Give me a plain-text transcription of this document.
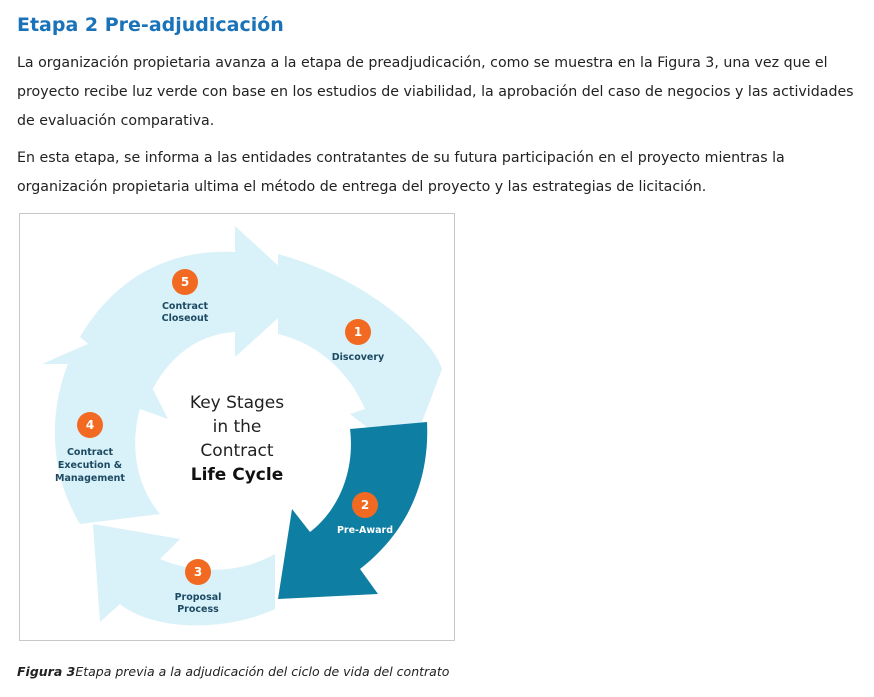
Etapa 2 Pre-adjudicación

La organización propietaria avanza a la etapa de preadjudicación, como se muestra en la Figura 3, una vez que el proyecto recibe luz verde con base en los estudios de viabilidad, la aprobación del caso de negocios y las actividades de evaluación comparativa.

En esta etapa, se informa a las entidades contratantes de su futura participación en el proyecto mientras la organización propietaria ultima el método de entrega del proyecto y las estrategias de licitación.

5
1
2
3
4
Contract
Closeout
Discovery
Pre-Award
Proposal
Process
Contract
Execution &
Management
Key Stages
in the
Contract
Life Cycle

Figura 3Etapa previa a la adjudicación del ciclo de vida del contrato
